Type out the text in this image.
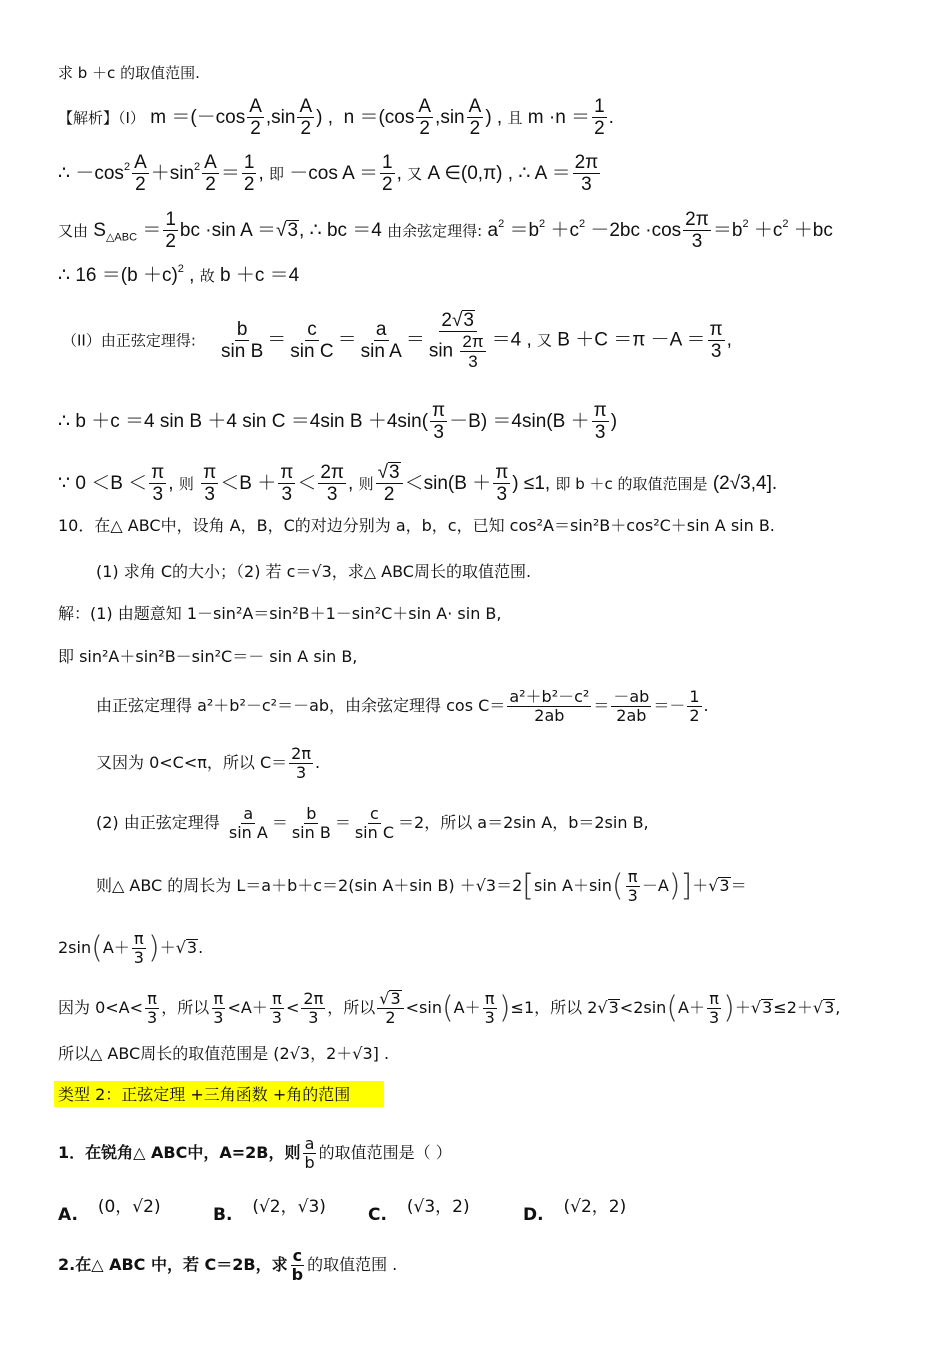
求 b ＋c 的取值范围.
【解析】（I） $m =(-\cos \frac{A}{2} ,\sin \frac{A}{2}$ ) ,  $n =(\cos \frac{A}{2} ,\sin \frac{A}{2}$ ) , 且 $m \cdot n = \frac{1}{2}$ .
∴ $-\cos^2 \frac{A}{2} +\sin^2 \frac{A}{2} = \frac{1}{2}$ , 即 －cos $A = \frac{1}{2}$ , 又 A ∈(0,π) , ∴ $A = \frac{2\pi}{3}$
又由 $S_{\triangle ABC} = \frac{1}{2}$ bc ·sin A ＝√3, ∴ bc ＝4 由余弦定理得: $a^2 =b^2 +c^2 -2bc \cdot\cos \frac{2\pi}{3} =b^2 +c^2 +bc$
∴ $16 =(b +c)^2$ , 故 b ＋c ＝4
（II）由正弦定理得: $\frac{b}{\text{sin B}} = \frac{c}{\text{sin C}} = \frac{a}{\text{sin A}} = \frac{2√3}{\sin \frac{2\pi}{3}} =4$ , 又 $B +C =\pi -A = \frac{\pi}{3}$ ,
∴ b ＋c ＝4 sin B ＋4 sin C ＝4sin $B +4\sin( \frac{\pi}{3} -B) =4\sin(B + \frac{\pi}{3}$ )
∵ $0 <B < \frac{\pi}{3}$ , 则 $\frac{\pi}{3} <B + \frac{\pi}{3} < \frac{2\pi}{3}$ , 则 $\frac{√3}{2} <\sin(B + \frac{\pi}{3}$ ) ≤1, 即 b ＋c 的取值范围是 (2√3,4].
10．在△ ABC中，设角 A，B，C的对边分别为 a，b，c，已知 cos²A＝sin²B＋cos²C＋sin A sin B.
(1) 求角 C的大小；（2) 若 c＝√3，求△ ABC周长的取值范围.
解：(1) 由题意知 1－sin²A＝sin²B＋1－sin²C＋sin A· sin B,
即 sin²A＋sin²B－sin²C＝－ sin A sin B,
由正弦定理得 a²＋b²－c²＝－ab，由余弦定理得 $\cos C= \frac{\text{a²＋b²－c²}}{2ab} = \frac{-ab}{2ab} =- \frac{1}{2}$ .
又因为 0<C<π，所以 $C= \frac{2\pi}{3}$ .
(2) 由正弦定理得 $\frac{a}{\text{sin A}} = \frac{b}{\text{sin B}} = \frac{c}{\text{sin C}} =2$，所以 a＝2sin A，b＝2sin B,
则△ ABC 的周长为 L＝a＋b＋c＝2(sin A＋sin B) ＋√3＝2[sin $A+\sin( \frac{\pi}{3} -A)]+√3=$
$2\sin(A+ \frac{\pi}{3} )+√3$.
因为 $0<A< \frac{\pi}{3}$ ，所以 $\frac{\pi}{3} <A+ \frac{\pi}{3} < \frac{2\pi}{3}$ ，所以 $\frac{√3}{2} <\sin(A+ \frac{\pi}{3} )\le 1$，所以 $2√3<2\sin(A+ \frac{\pi}{3} )+√3\le 2+√3$,
所以△ ABC周长的取值范围是 (2√3，2＋√3] .
类型 2：正弦定理 +三角函数 +角的范围
1．在锐角△ ABC中，A=2B，则 $\frac{a}{b}$ 的取值范围是（ ）
A. (0，√2)	B. (√2，√3) C. (√3，2)	D. (√2，2)
2.在△ ABC 中，若 C＝2B，求 $\frac{c}{b}$ 的取值范围 .
